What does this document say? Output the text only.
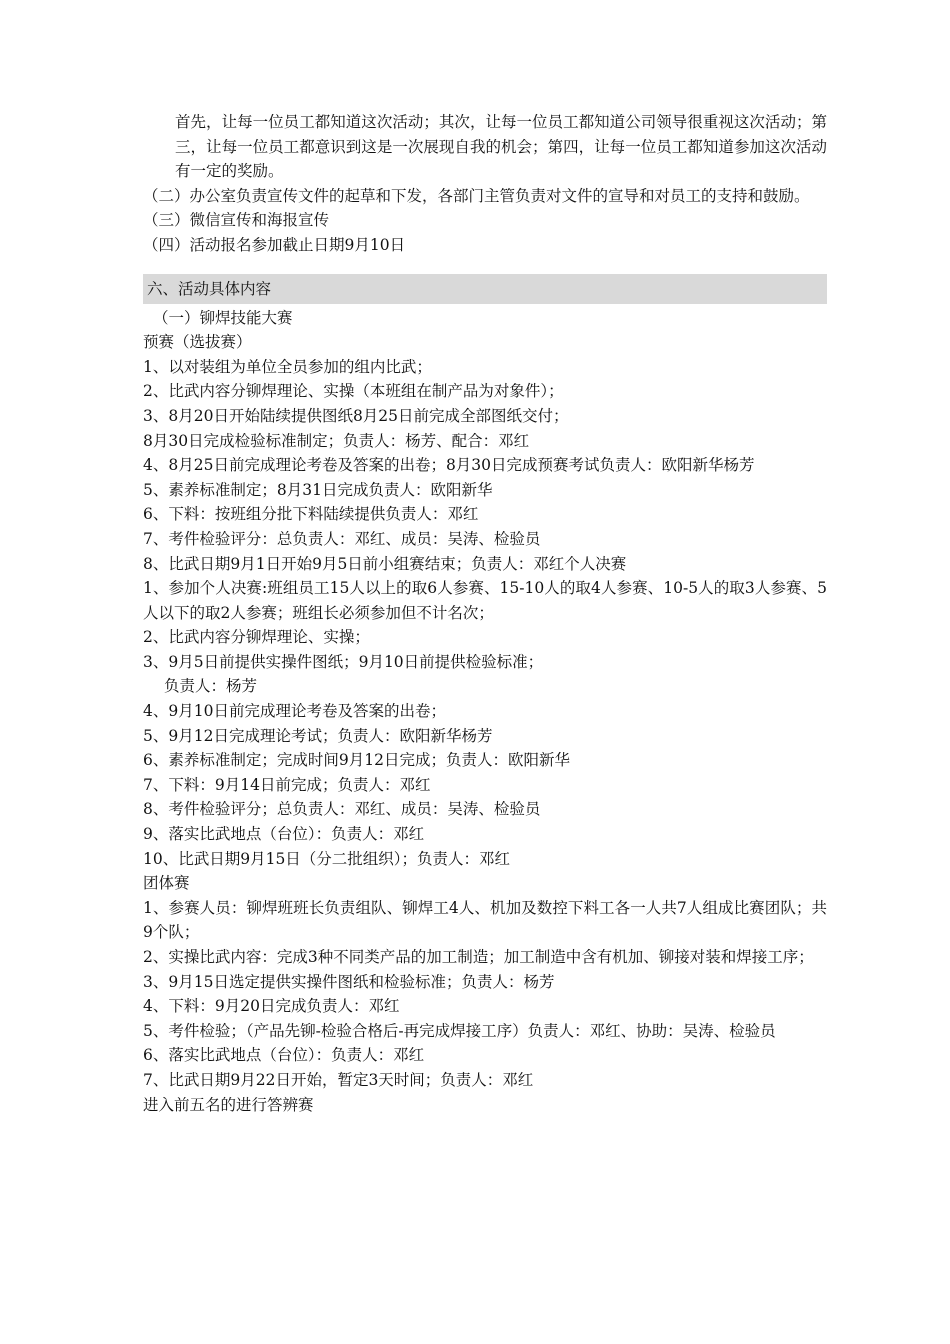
首先，让每一位员工都知道这次活动；其次，让每一位员工都知道公司领导很重视这次活动；第三，让每一位员工都意识到这是一次展现自我的机会；第四，让每一位员工都知道参加这次活动有一定的奖励。
（二）办公室负责宣传文件的起草和下发，各部门主管负责对文件的宣导和对员工的支持和鼓励。
（三）微信宣传和海报宣传
（四）活动报名参加截止日期9月10日
六、活动具体内容
（一）铆焊技能大赛
预赛（选拔赛）
1、以对装组为单位全员参加的组内比武；
2、比武内容分铆焊理论、实操（本班组在制产品为对象件）；
3、8月20日开始陆续提供图纸8月25日前完成全部图纸交付；
8月30日完成检验标准制定；负责人：杨芳、配合：邓红
4、8月25日前完成理论考卷及答案的出卷；8月30日完成预赛考试负责人：欧阳新华杨芳
5、素养标准制定；8月31日完成负责人：欧阳新华
6、下料：按班组分批下料陆续提供负责人：邓红
7、考件检验评分：总负责人：邓红、成员：吴涛、检验员
8、比武日期9月1日开始9月5日前小组赛结束；负责人：邓红个人决赛
1、参加个人决赛:班组员工15人以上的取6人参赛、15-10人的取4人参赛、10-5人的取3人参赛、5人以下的取2人参赛；班组长必须参加但不计名次；
2、比武内容分铆焊理论、实操；
3、9月5日前提供实操件图纸；9月10日前提供检验标准；
负责人：杨芳
4、9月10日前完成理论考卷及答案的出卷；
5、9月12日完成理论考试；负责人：欧阳新华杨芳
6、素养标准制定；完成时间9月12日完成；负责人：欧阳新华
7、下料：9月14日前完成；负责人：邓红
8、考件检验评分；总负责人：邓红、成员：吴涛、检验员
9、落实比武地点（台位）：负责人：邓红
10、比武日期9月15日（分二批组织）；负责人：邓红
团体赛
1、参赛人员：铆焊班班长负责组队、铆焊工4人、机加及数控下料工各一人共7人组成比赛团队；共9个队；
2、实操比武内容：完成3种不同类产品的加工制造；加工制造中含有机加、铆接对装和焊接工序；
3、9月15日选定提供实操件图纸和检验标准；负责人：杨芳
4、下料：9月20日完成负责人：邓红
5、考件检验；（产品先铆-检验合格后-再完成焊接工序）负责人：邓红、协助：吴涛、检验员
6、落实比武地点（台位）：负责人：邓红
7、比武日期9月22日开始，暂定3天时间；负责人：邓红
进入前五名的进行答辨赛
